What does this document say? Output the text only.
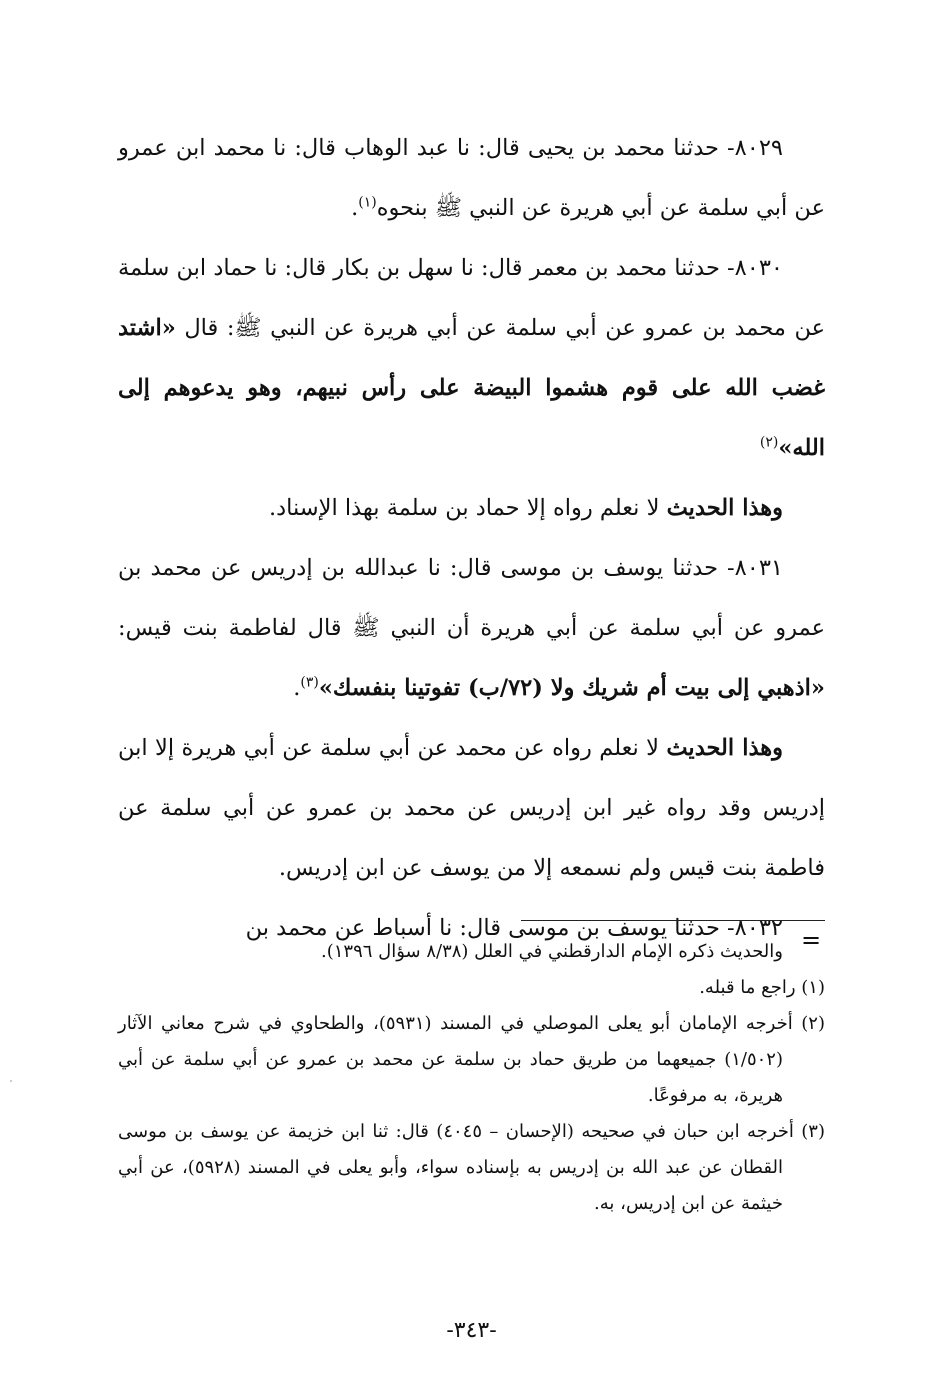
٨٠٢٩- حدثنا محمد بن يحيى قال: نا عبد الوهاب قال: نا محمد ابن عمرو عن أبي سلمة عن أبي هريرة عن النبي ﷺ بنحوه$^{(١)}$.

٨٠٣٠- حدثنا محمد بن معمر قال: نا سهل بن بكار قال: نا حماد ابن سلمة عن محمد بن عمرو عن أبي سلمة عن أبي هريرة عن النبي ﷺ: قال «اشتد غضب الله على قوم هشموا البيضة على رأس نبيهم، وهو يدعوهم إلى الله»$^{(٢)}$

وهذا الحديث لا نعلم رواه إلا حماد بن سلمة بهذا الإسناد.

٨٠٣١- حدثنا يوسف بن موسى قال: نا عبدالله بن إدريس عن محمد بن عمرو عن أبي سلمة عن أبي هريرة أن النبي ﷺ قال لفاطمة بنت قيس: «اذهبي إلى بيت أم شريك ولا (٧٢/ب) تفوتينا بنفسك»$^{(٣)}$.

وهذا الحديث لا نعلم رواه عن محمد عن أبي سلمة عن أبي هريرة إلا ابن إدريس وقد رواه غير ابن إدريس عن محمد بن عمرو عن أبي سلمة عن فاطمة بنت قيس ولم نسمعه إلا من يوسف عن ابن إدريس.

٨٠٣٢- حدثنا يوسف بن موسى قال: نا أسباط عن محمد بن =

والحديث ذكره الإمام الدارقطني في العلل (٨/٣٨ سؤال ١٣٩٦).

(١) راجع ما قبله.

(٢) أخرجه الإمامان أبو يعلى الموصلي في المسند (٥٩٣١)، والطحاوي في شرح معاني الآثار (١/٥٠٢) جميعهما من طريق حماد بن سلمة عن محمد بن عمرو عن أبي سلمة عن أبي هريرة، به مرفوعًا.

(٣) أخرجه ابن حبان في صحيحه (الإحسان – ٤٠٤٥) قال: ثنا ابن خزيمة عن يوسف بن موسى القطان عن عبد الله بن إدريس به بإسناده سواء، وأبو يعلى في المسند (٥٩٢٨)، عن أبي خيثمة عن ابن إدريس، به.

-٣٤٣-
